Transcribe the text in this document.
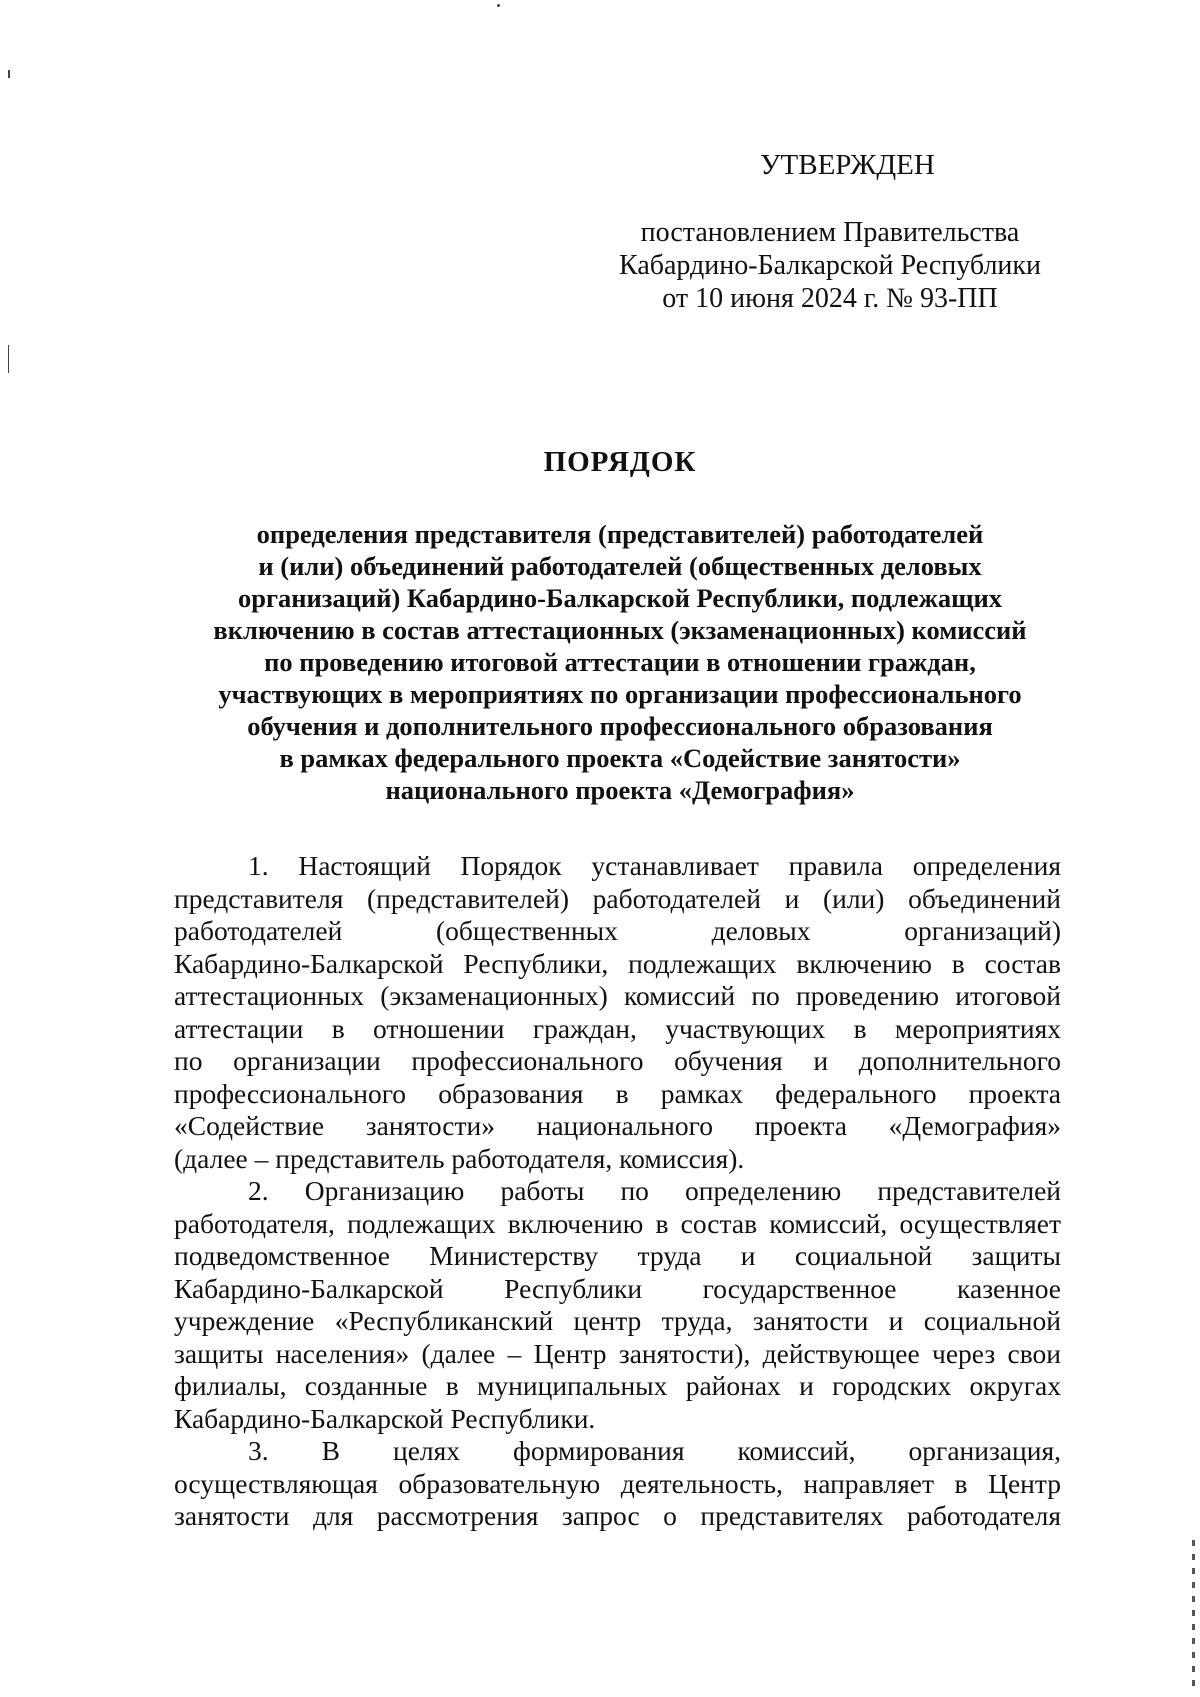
УТВЕРЖДЕН
постановлением Правительства
Кабардино-Балкарской Республики
от 10 июня 2024 г. № 93-ПП
ПОРЯДОК
определения представителя (представителей) работодателей
и (или) объединений работодателей (общественных деловых
организаций) Кабардино-Балкарской Республики, подлежащих
включению в состав аттестационных (экзаменационных) комиссий
по проведению итоговой аттестации в отношении граждан,
участвующих в мероприятиях по организации профессионального
обучения и дополнительного профессионального образования
в рамках федерального проекта «Содействие занятости»
национального проекта «Демография»
1. Настоящий Порядок устанавливает правила определения
представителя (представителей) работодателей и (или) объединений
работодателей (общественных деловых организаций)
Кабардино-Балкарской Республики, подлежащих включению в состав
аттестационных (экзаменационных) комиссий по проведению итоговой
аттестации в отношении граждан, участвующих в мероприятиях
по организации профессионального обучения и дополнительного
профессионального образования в рамках федерального проекта
«Содействие занятости» национального проекта «Демография»
(далее – представитель работодателя, комиссия).
2. Организацию работы по определению представителей
работодателя, подлежащих включению в состав комиссий, осуществляет
подведомственное Министерству труда и социальной защиты
Кабардино-Балкарской Республики государственное казенное
учреждение «Республиканский центр труда, занятости и социальной
защиты населения» (далее – Центр занятости), действующее через свои
филиалы, созданные в муниципальных районах и городских округах
Кабардино-Балкарской Республики.
3. В целях формирования комиссий, организация,
осуществляющая образовательную деятельность, направляет в Центр
занятости для рассмотрения запрос о представителях работодателя
